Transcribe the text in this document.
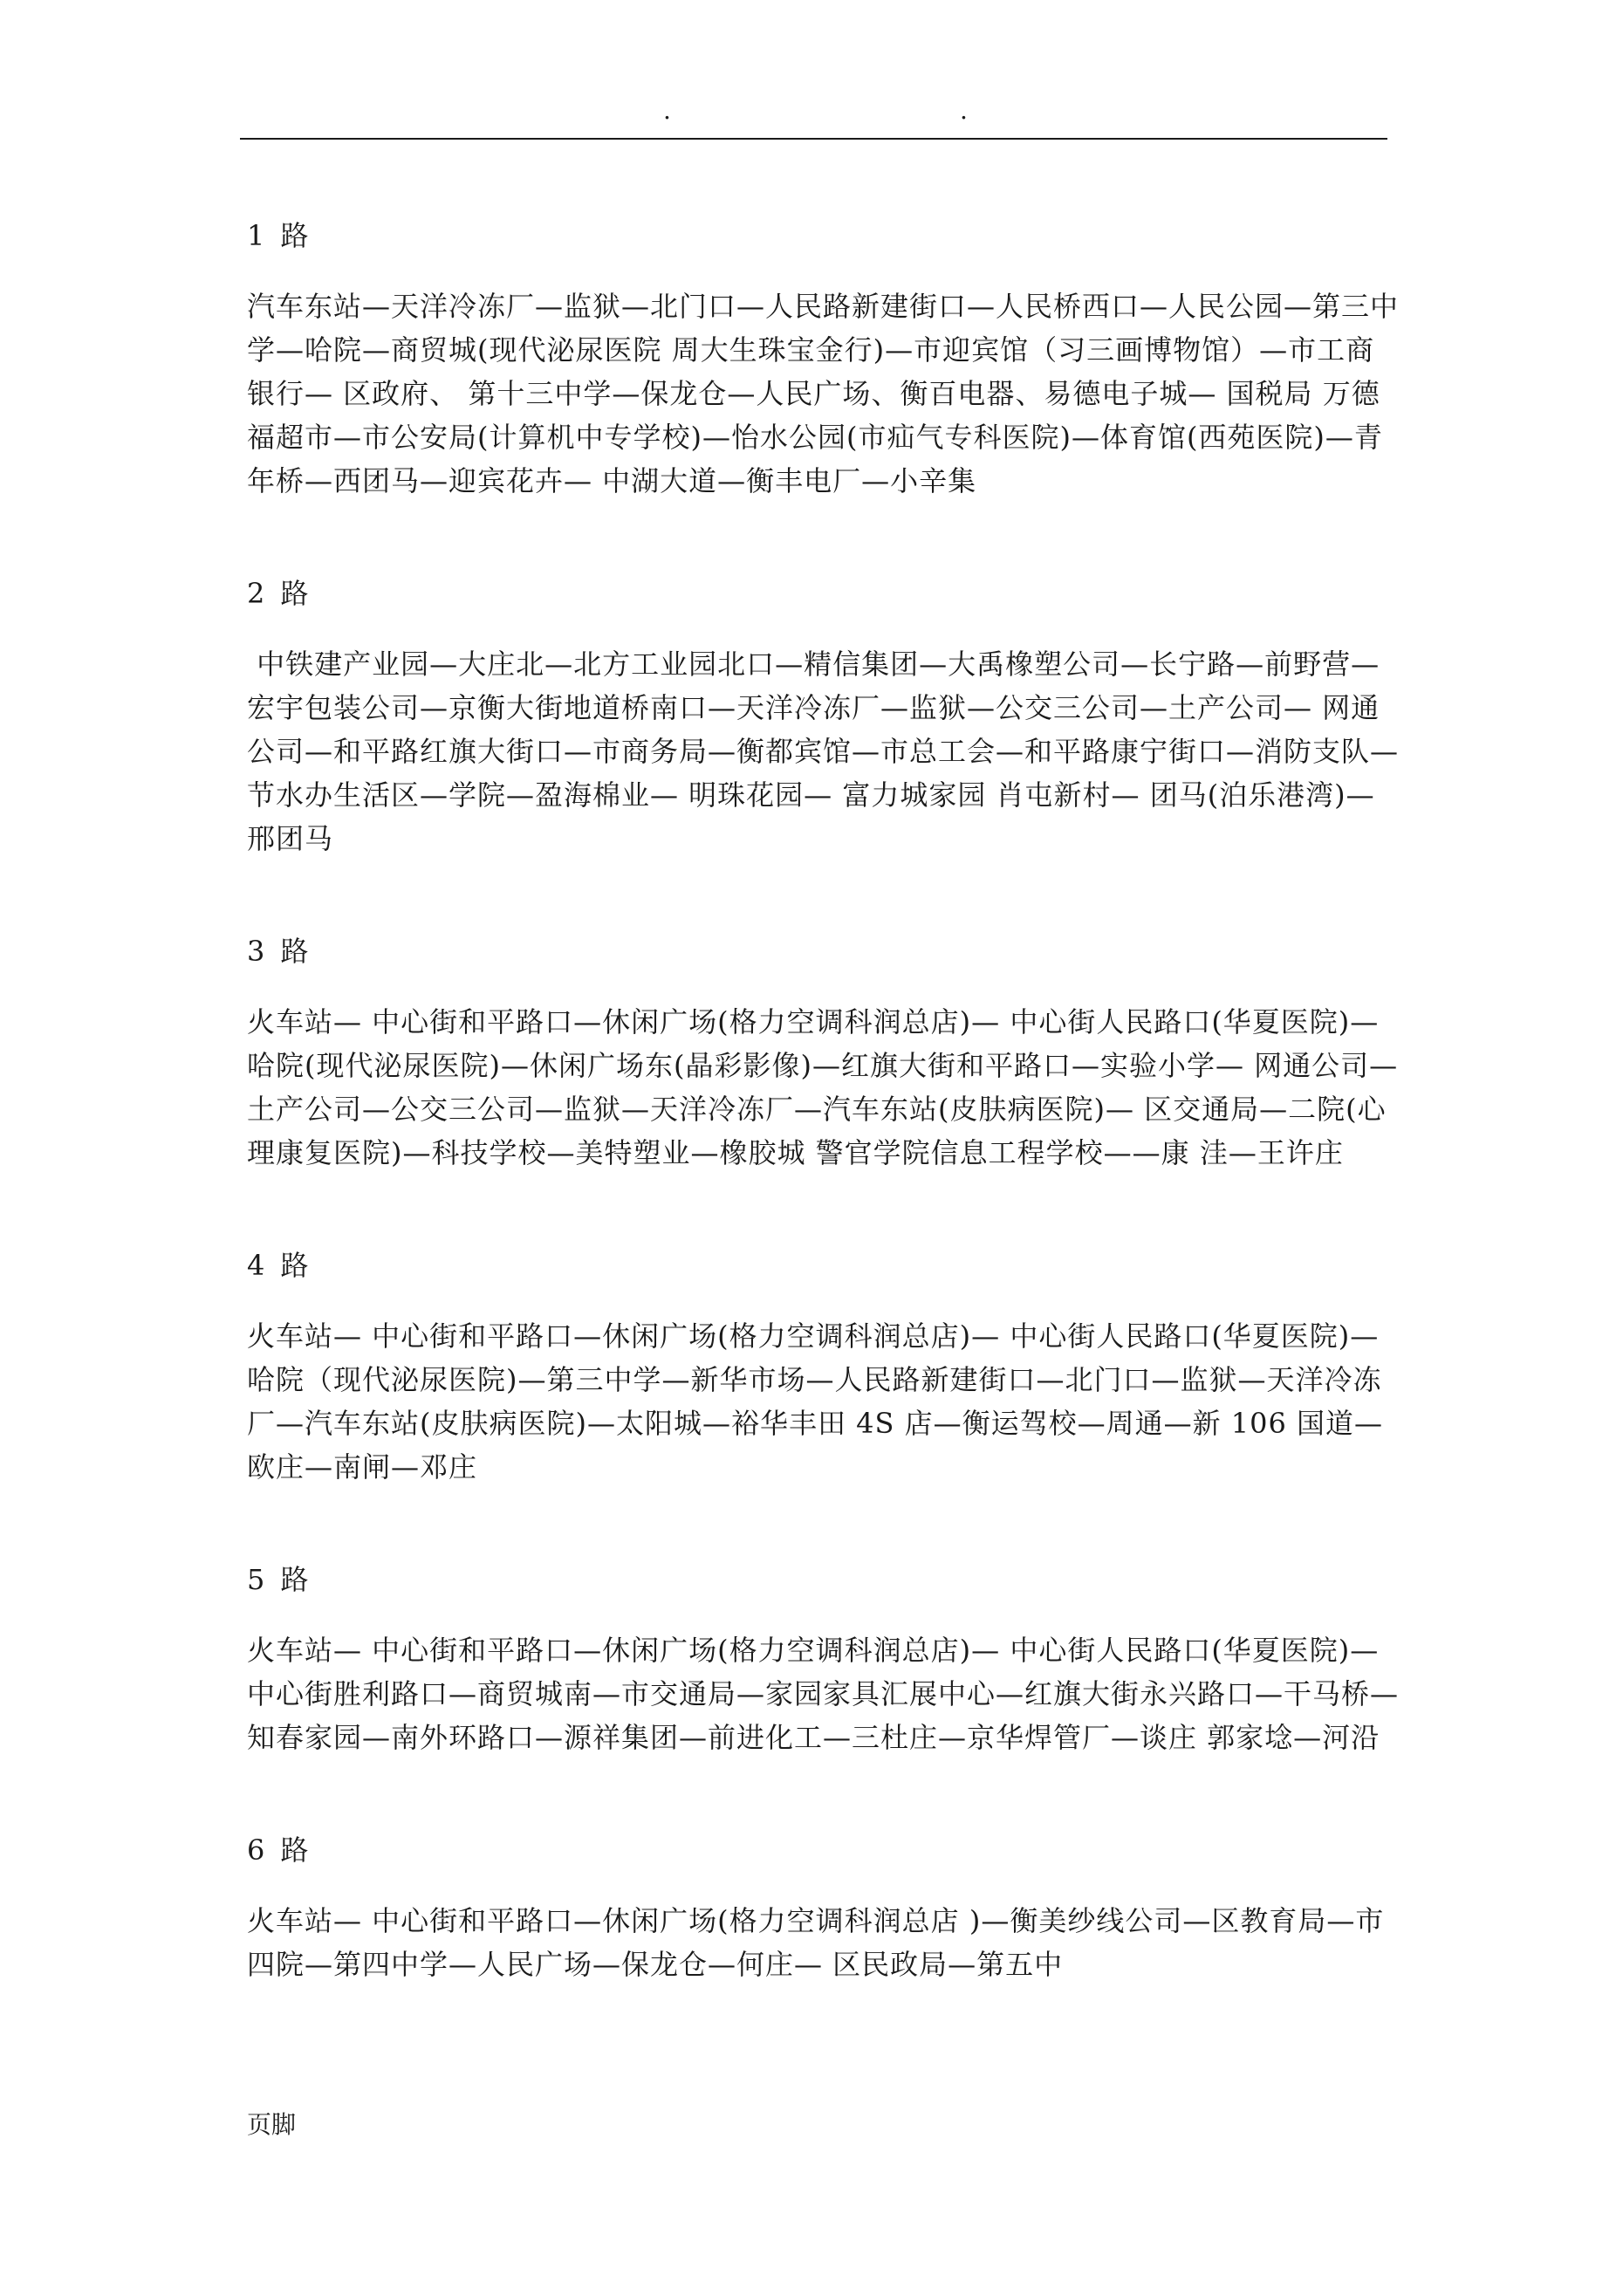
.	.
1 路
汽车东站—天洋冷冻厂—监狱—北门口—人民路新建街口—人民桥西口—人民公园—第三中学—哈院—商贸城(现代泌尿医院 周大生珠宝金行)—市迎宾馆（习三画博物馆）—市工商银行— 区政府、 第十三中学—保龙仓—人民广场、衡百电器、易德电子城— 国税局 万德福超市—市公安局(计算机中专学校)—怡水公园(市疝气专科医院)—体育馆(西苑医院)—青年桥—西团马—迎宾花卉— 中湖大道—衡丰电厂—小辛集
2 路
中铁建产业园—大庄北—北方工业园北口—精信集团—大禹橡塑公司—长宁路—前野营—宏宇包装公司—京衡大街地道桥南口—天洋冷冻厂—监狱—公交三公司—土产公司— 网通公司—和平路红旗大街口—市商务局—衡都宾馆—市总工会—和平路康宁街口—消防支队—节水办生活区—学院—盈海棉业— 明珠花园— 富力城家园 肖屯新村— 团马(泊乐港湾)—邢团马
3 路
火车站— 中心街和平路口—休闲广场(格力空调科润总店)— 中心街人民路口(华夏医院)—哈院(现代泌尿医院)—休闲广场东(晶彩影像)—红旗大街和平路口—实验小学— 网通公司—土产公司—公交三公司—监狱—天洋冷冻厂—汽车东站(皮肤病医院)— 区交通局—二院(心理康复医院)—科技学校—美特塑业—橡胶城 警官学院信息工程学校——康 洼—王许庄
4 路
火车站— 中心街和平路口—休闲广场(格力空调科润总店)— 中心街人民路口(华夏医院)—哈院（现代泌尿医院)—第三中学—新华市场—人民路新建街口—北门口—监狱—天洋冷冻厂—汽车东站(皮肤病医院)—太阳城—裕华丰田 4S 店—衡运驾校—周通—新 106 国道— 欧庄—南闸—邓庄
5 路
火车站— 中心街和平路口—休闲广场(格力空调科润总店)— 中心街人民路口(华夏医院)— 中心街胜利路口—商贸城南—市交通局—家园家具汇展中心—红旗大街永兴路口—干马桥—知春家园—南外环路口—源祥集团—前进化工—三杜庄—京华焊管厂—谈庄 郭家埝—河沿
6 路
火车站— 中心街和平路口—休闲广场(格力空调科润总店 )—衡美纱线公司—区教育局—市四院—第四中学—人民广场—保龙仓—何庄— 区民政局—第五中
页脚
